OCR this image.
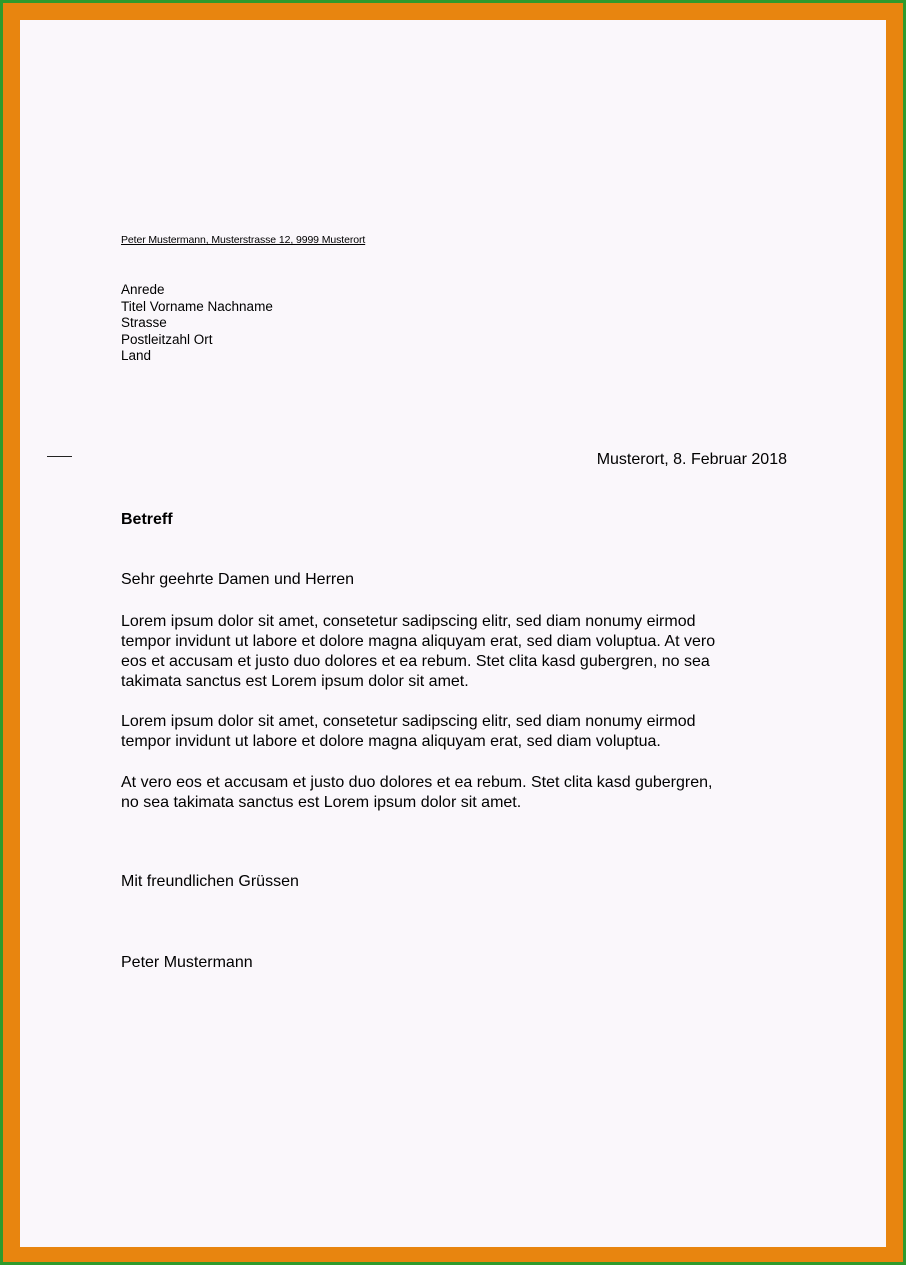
Peter Mustermann, Musterstrasse 12, 9999 Musterort
Anrede
Titel Vorname Nachname
Strasse
Postleitzahl Ort
Land
Musterort, 8. Februar 2018
Betreff
Sehr geehrte Damen und Herren
Lorem ipsum dolor sit amet, consetetur sadipscing elitr, sed diam nonumy eirmod
tempor invidunt ut labore et dolore magna aliquyam erat, sed diam voluptua. At vero
eos et accusam et justo duo dolores et ea rebum. Stet clita kasd gubergren, no sea
takimata sanctus est Lorem ipsum dolor sit amet.
Lorem ipsum dolor sit amet, consetetur sadipscing elitr, sed diam nonumy eirmod
tempor invidunt ut labore et dolore magna aliquyam erat, sed diam voluptua.
At vero eos et accusam et justo duo dolores et ea rebum. Stet clita kasd gubergren,
no sea takimata sanctus est Lorem ipsum dolor sit amet.
Mit freundlichen Grüssen
Peter Mustermann
